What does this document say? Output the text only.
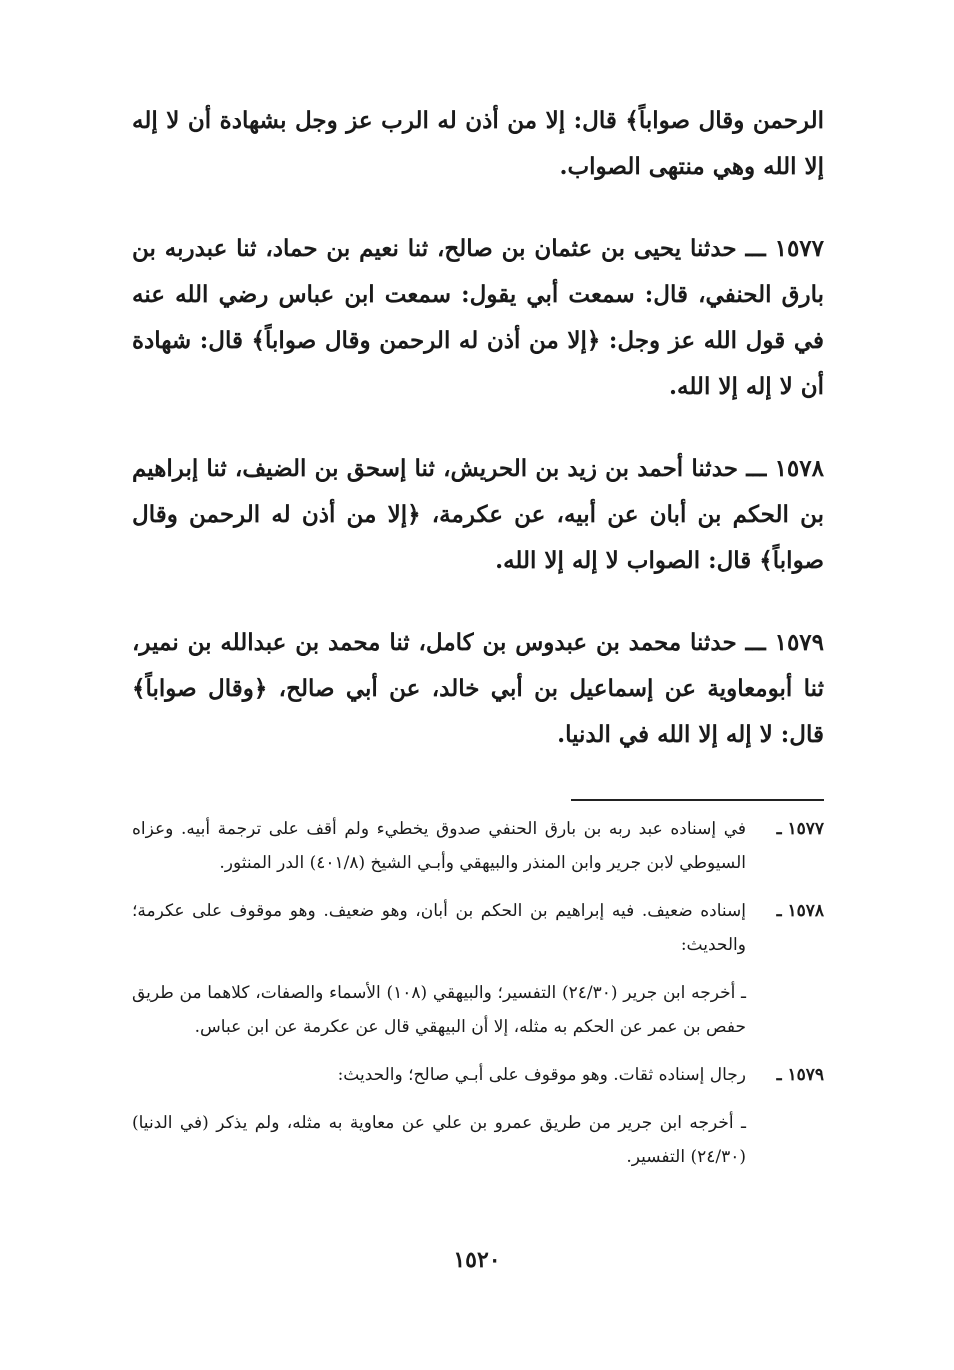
الرحمن وقال صواباً﴾ قال: إلا من أذن له الرب عز وجل بشهادة أن لا إله إلا الله وهي منتهى الصواب.

١٥٧٧ ـــ حدثنا يحيى بن عثمان بن صالح، ثنا نعيم بن حماد، ثنا عبدربه بن بارق الحنفي، قال: سمعت أبي يقول: سمعت ابن عباس رضي الله عنه في قول الله عز وجل: ﴿إلا من أذن له الرحمن وقال صواباً﴾ قال: شهادة أن لا إله إلا الله.

١٥٧٨ ـــ حدثنا أحمد بن زيد بن الحريش، ثنا إسحق بن الضيف، ثنا إبراهيم بن الحكم بن أبان عن أبيه، عن عكرمة، ﴿إلا من أذن له الرحمن وقال صواباً﴾ قال: الصواب لا إله إلا الله.

١٥٧٩ ـــ حدثنا محمد بن عبدوس بن كامل، ثنا محمد بن عبدالله بن نمير، ثنا أبومعاوية عن إسماعيل بن أبي خالد، عن أبي صالح، ﴿وقال صواباً﴾ قال: لا إله إلا الله في الدنيا.

١٥٧٧ ـ
في إسناده عبد ربه بن بارق الحنفي صدوق يخطيء ولم أقف على ترجمة أبيه. وعزاه السيوطي لابن جرير وابن المنذر والبيهقي وأبـي الشيخ (٤٠١/٨) الدر المنثور.
١٥٧٨ ـ
إسناده ضعيف. فيه إبراهيم بن الحكم بن أبان، وهو ضعيف. وهو موقوف على عكرمة؛ والحديث:
ـ أخرجه ابن جرير (٢٤/٣٠) التفسير؛ والبيهقي (١٠٨) الأسماء والصفات، كلاهما من طريق حفص بن عمر عن الحكم به مثله، إلا أن البيهقي قال عن عكرمة عن ابن عباس.
١٥٧٩ ـ
رجال إسناده ثقات. وهو موقوف على أبـي صالح؛ والحديث:
ـ أخرجه ابن جرير من طريق عمرو بن علي عن معاوية به مثله، ولم يذكر (في الدنيا) (٢٤/٣٠) التفسير.
١٥٢٠
